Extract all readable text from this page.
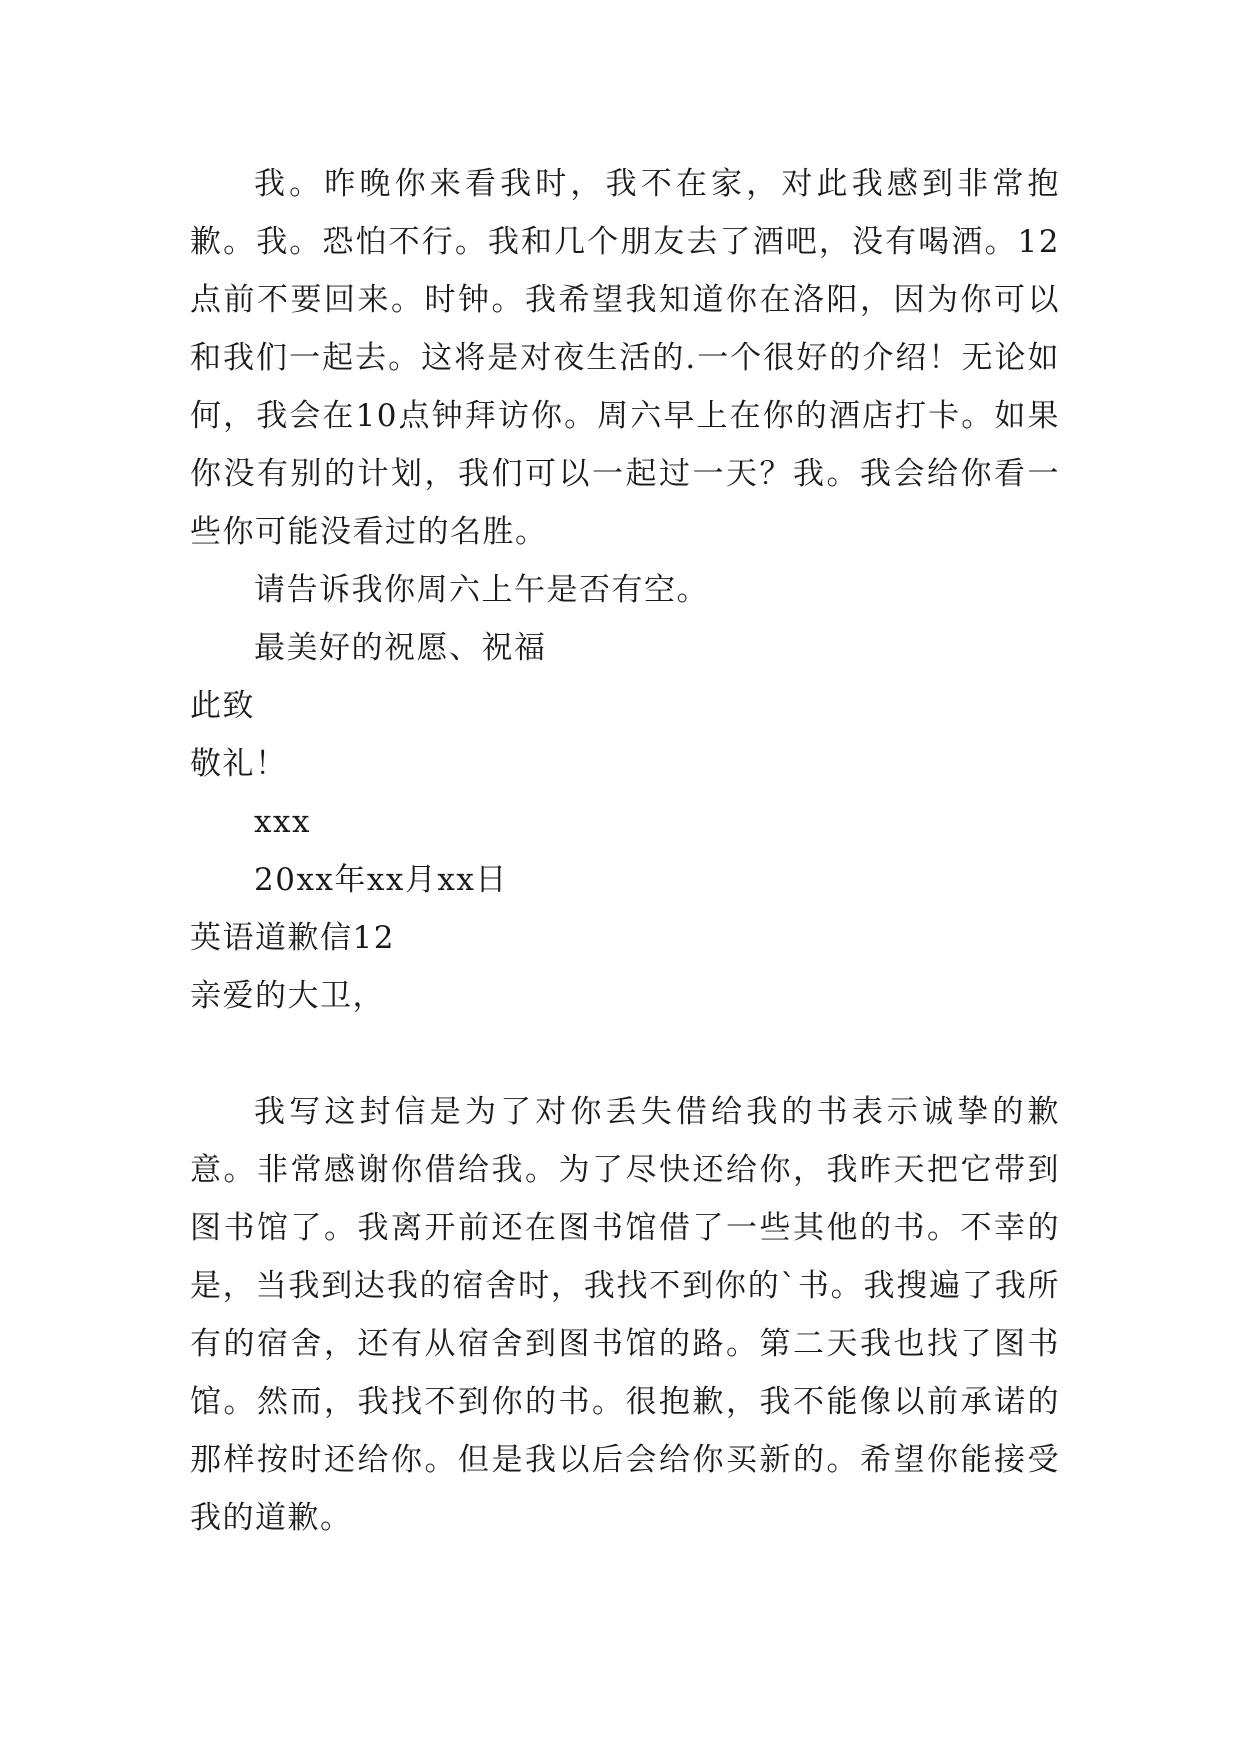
我。昨晚你来看我时，我不在家，对此我感到非常抱歉。我。恐怕不行。我和几个朋友去了酒吧，没有喝酒。12点前不要回来。时钟。我希望我知道你在洛阳，因为你可以和我们一起去。这将是对夜生活的.一个很好的介绍！无论如何，我会在10点钟拜访你。周六早上在你的酒店打卡。如果你没有别的计划，我们可以一起过一天？我。我会给你看一些你可能没看过的名胜。

请告诉我你周六上午是否有空。

最美好的祝愿、祝福

此致

敬礼！

xxx

20xx年xx月xx日

英语道歉信12

亲爱的大卫，

我写这封信是为了对你丢失借给我的书表示诚挚的歉意。非常感谢你借给我。为了尽快还给你，我昨天把它带到图书馆了。我离开前还在图书馆借了一些其他的书。不幸的是，当我到达我的宿舍时，我找不到你的`书。我搜遍了我所有的宿舍，还有从宿舍到图书馆的路。第二天我也找了图书馆。然而，我找不到你的书。很抱歉，我不能像以前承诺的那样按时还给你。但是我以后会给你买新的。希望你能接受我的道歉。
